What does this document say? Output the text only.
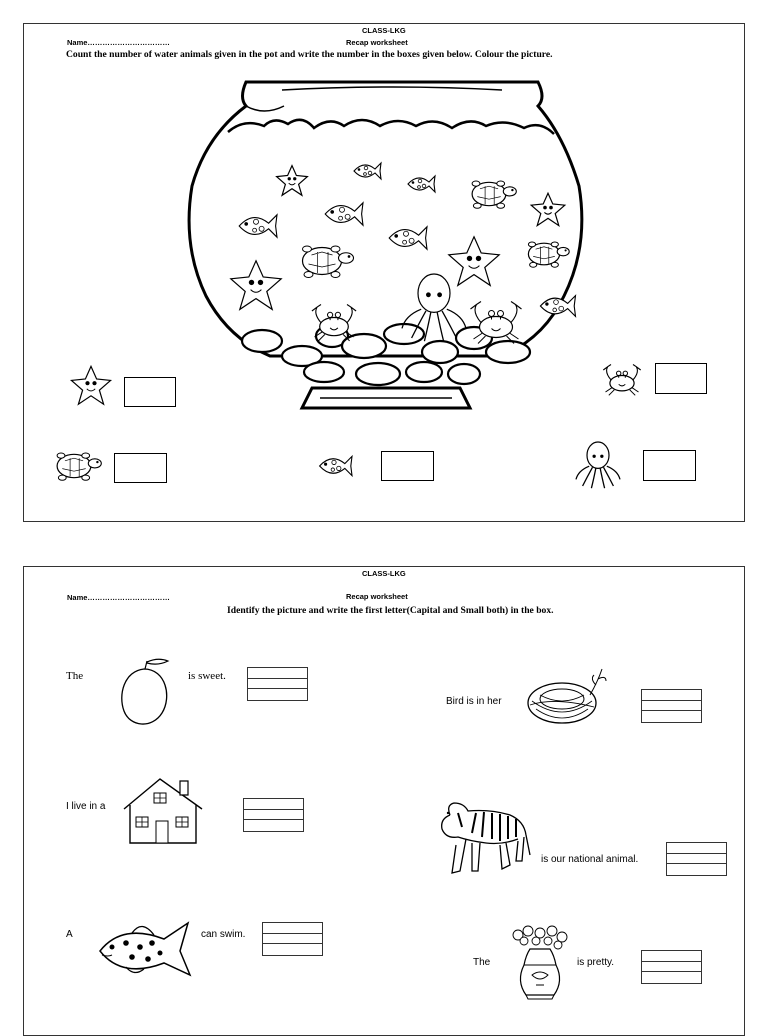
CLASS-LKG
Recap worksheet
Name……………………………
Count the number of water animals given in the pot and write the number in the boxes given below. Colour the picture.
CLASS-LKG
Recap worksheet
Name……………………………
Identify the picture and write the first letter(Capital and Small both) in the box.
The	is sweet.
Bird is in her
I live in a
is our national animal.
A	can swim.
The	is pretty.
